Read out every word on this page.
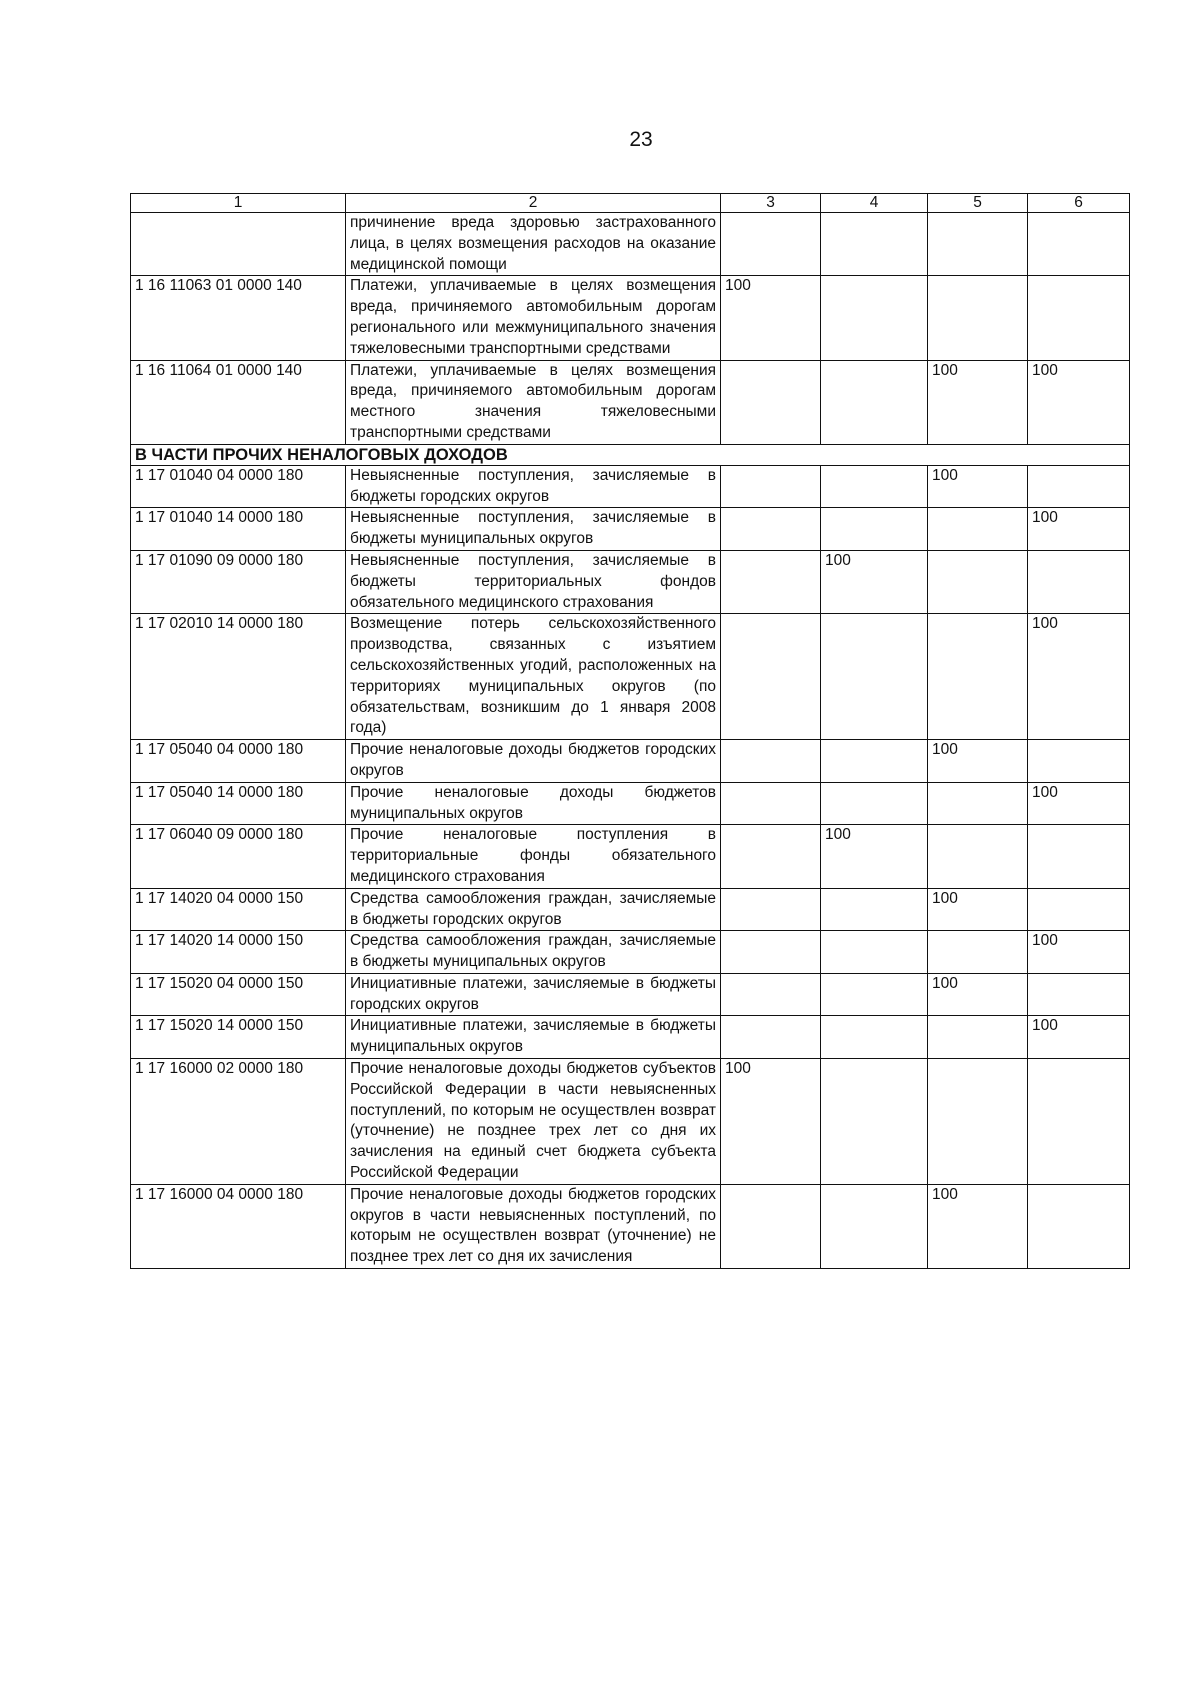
23
1	2	3	4	5	6
	причинение вреда здоровью застрахованного лица, в целях возмещения расходов на оказание медицинской помощи				
1 16 11063 01 0000 140	Платежи, уплачиваемые в целях возмещения вреда, причиняемого автомобильным дорогам регионального или межмуниципального значения тяжеловесными транспортными средствами	100			
1 16 11064 01 0000 140	Платежи, уплачиваемые в целях возмещения вреда, причиняемого автомобильным дорогам местного значения тяжеловесными транспортными средствами			100	100
В ЧАСТИ ПРОЧИХ НЕНАЛОГОВЫХ ДОХОДОВ					
1 17 01040 04 0000 180	Невыясненные поступления, зачисляемые в бюджеты городских округов			100	
1 17 01040 14 0000 180	Невыясненные поступления, зачисляемые в бюджеты муниципальных округов				100
1 17 01090 09 0000 180	Невыясненные поступления, зачисляемые в бюджеты территориальных фондов обязательного медицинского страхования		100		
1 17 02010 14 0000 180	Возмещение потерь сельскохозяйственного производства, связанных с изъятием сельскохозяйственных угодий, расположенных на территориях муниципальных округов (по обязательствам, возникшим до 1 января 2008 года)				100
1 17 05040 04 0000 180	Прочие неналоговые доходы бюджетов городских округов			100	
1 17 05040 14 0000 180	Прочие неналоговые доходы бюджетов муниципальных округов				100
1 17 06040 09 0000 180	Прочие неналоговые поступления в территориальные фонды обязательного медицинского страхования		100		
1 17 14020 04 0000 150	Средства самообложения граждан, зачисляемые в бюджеты городских округов			100	
1 17 14020 14 0000 150	Средства самообложения граждан, зачисляемые в бюджеты муниципальных округов				100
1 17 15020 04 0000 150	Инициативные платежи, зачисляемые в бюджеты городских округов			100	
1 17 15020 14 0000 150	Инициативные платежи, зачисляемые в бюджеты муниципальных округов				100
1 17 16000 02 0000 180	Прочие неналоговые доходы бюджетов субъектов Российской Федерации в части невыясненных поступлений, по которым не осуществлен возврат (уточнение) не позднее трех лет со дня их зачисления на единый счет бюджета субъекта Российской Федерации	100			
1 17 16000 04 0000 180	Прочие неналоговые доходы бюджетов городских округов в части невыясненных поступлений, по которым не осуществлен возврат (уточнение) не позднее трех лет со дня их зачисления			100	
